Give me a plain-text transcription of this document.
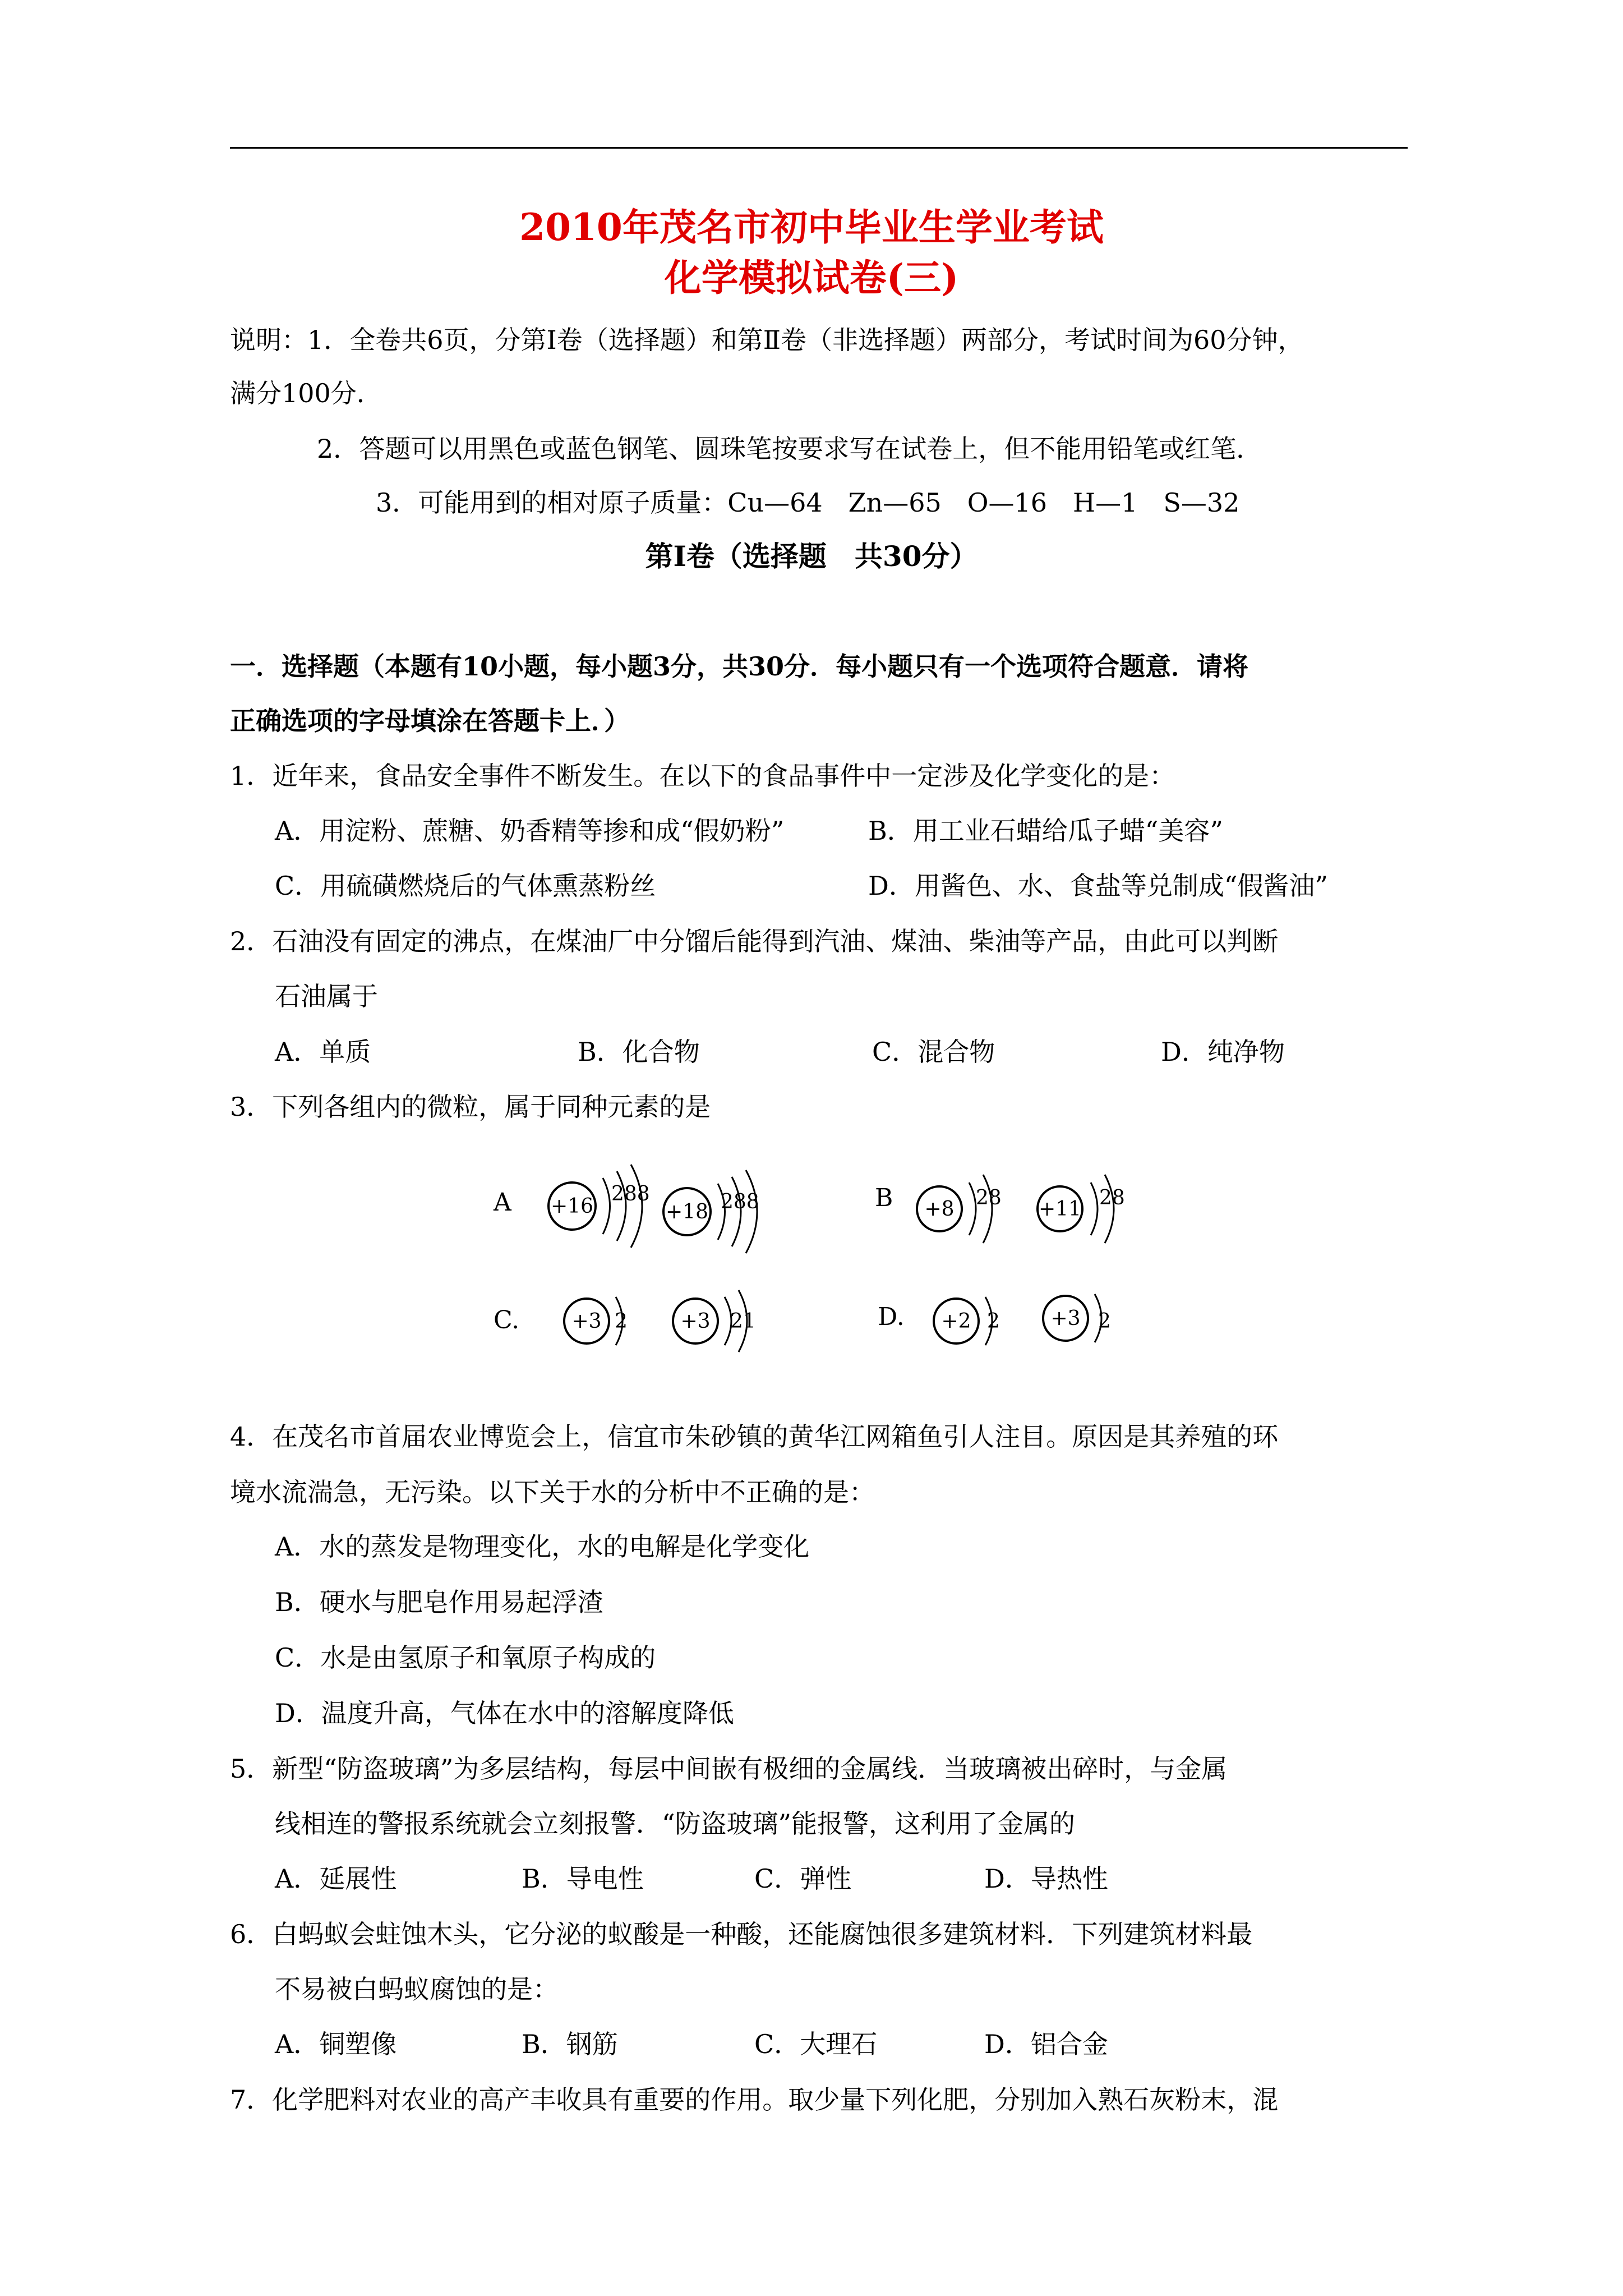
2010年茂名市初中毕业生学业考试
化学模拟试卷(三)
说明：1．全卷共6页，分第Ⅰ卷（选择题）和第Ⅱ卷（非选择题）两部分，考试时间为60分钟，
满分100分．
2．答题可以用黑色或蓝色钢笔、圆珠笔按要求写在试卷上，但不能用铅笔或红笔．
3．可能用到的相对原子质量：Cu—64　Zn—65　O—16　H—1　S—32
第Ⅰ卷（选择题　共30分）
一．选择题（本题有10小题，每小题3分，共30分．每小题只有一个选项符合题意．请将
正确选项的字母填涂在答题卡上．）
1．近年来，食品安全事件不断发生。在以下的食品事件中一定涉及化学变化的是：
A．用淀粉、蔗糖、奶香精等掺和成“假奶粉”	B．用工业石蜡给瓜子蜡“美容”
C．用硫磺燃烧后的气体熏蒸粉丝	D．用酱色、水、食盐等兑制成“假酱油”
2．石油没有固定的沸点，在煤油厂中分馏后能得到汽油、煤油、柴油等产品，由此可以判断
石油属于
A．单质	B．化合物	C．混合物	D．纯净物
3．下列各组内的微粒，属于同种元素的是
A +16
288
+18 288	B +8 28 +11 28
C.	+3 2	+3 21	D. +2 2	+3 2
4．在茂名市首届农业博览会上，信宜市朱砂镇的黄华江网箱鱼引人注目。原因是其养殖的环
境水流湍急，无污染。以下关于水的分析中不正确的是：
A．水的蒸发是物理变化，水的电解是化学变化
B．硬水与肥皂作用易起浮渣
C．水是由氢原子和氧原子构成的
D．温度升高，气体在水中的溶解度降低
5．新型“防盗玻璃”为多层结构，每层中间嵌有极细的金属线．当玻璃被出碎时，与金属
线相连的警报系统就会立刻报警．“防盗玻璃”能报警，这利用了金属的
A．延展性	B．导电性	C．弹性	D．导热性
6．白蚂蚁会蛀蚀木头，它分泌的蚁酸是一种酸，还能腐蚀很多建筑材料．下列建筑材料最
不易被白蚂蚁腐蚀的是：
A．铜塑像	B．钢筋	C．大理石	D．铝合金
7．化学肥料对农业的高产丰收具有重要的作用。取少量下列化肥，分别加入熟石灰粉末，混
